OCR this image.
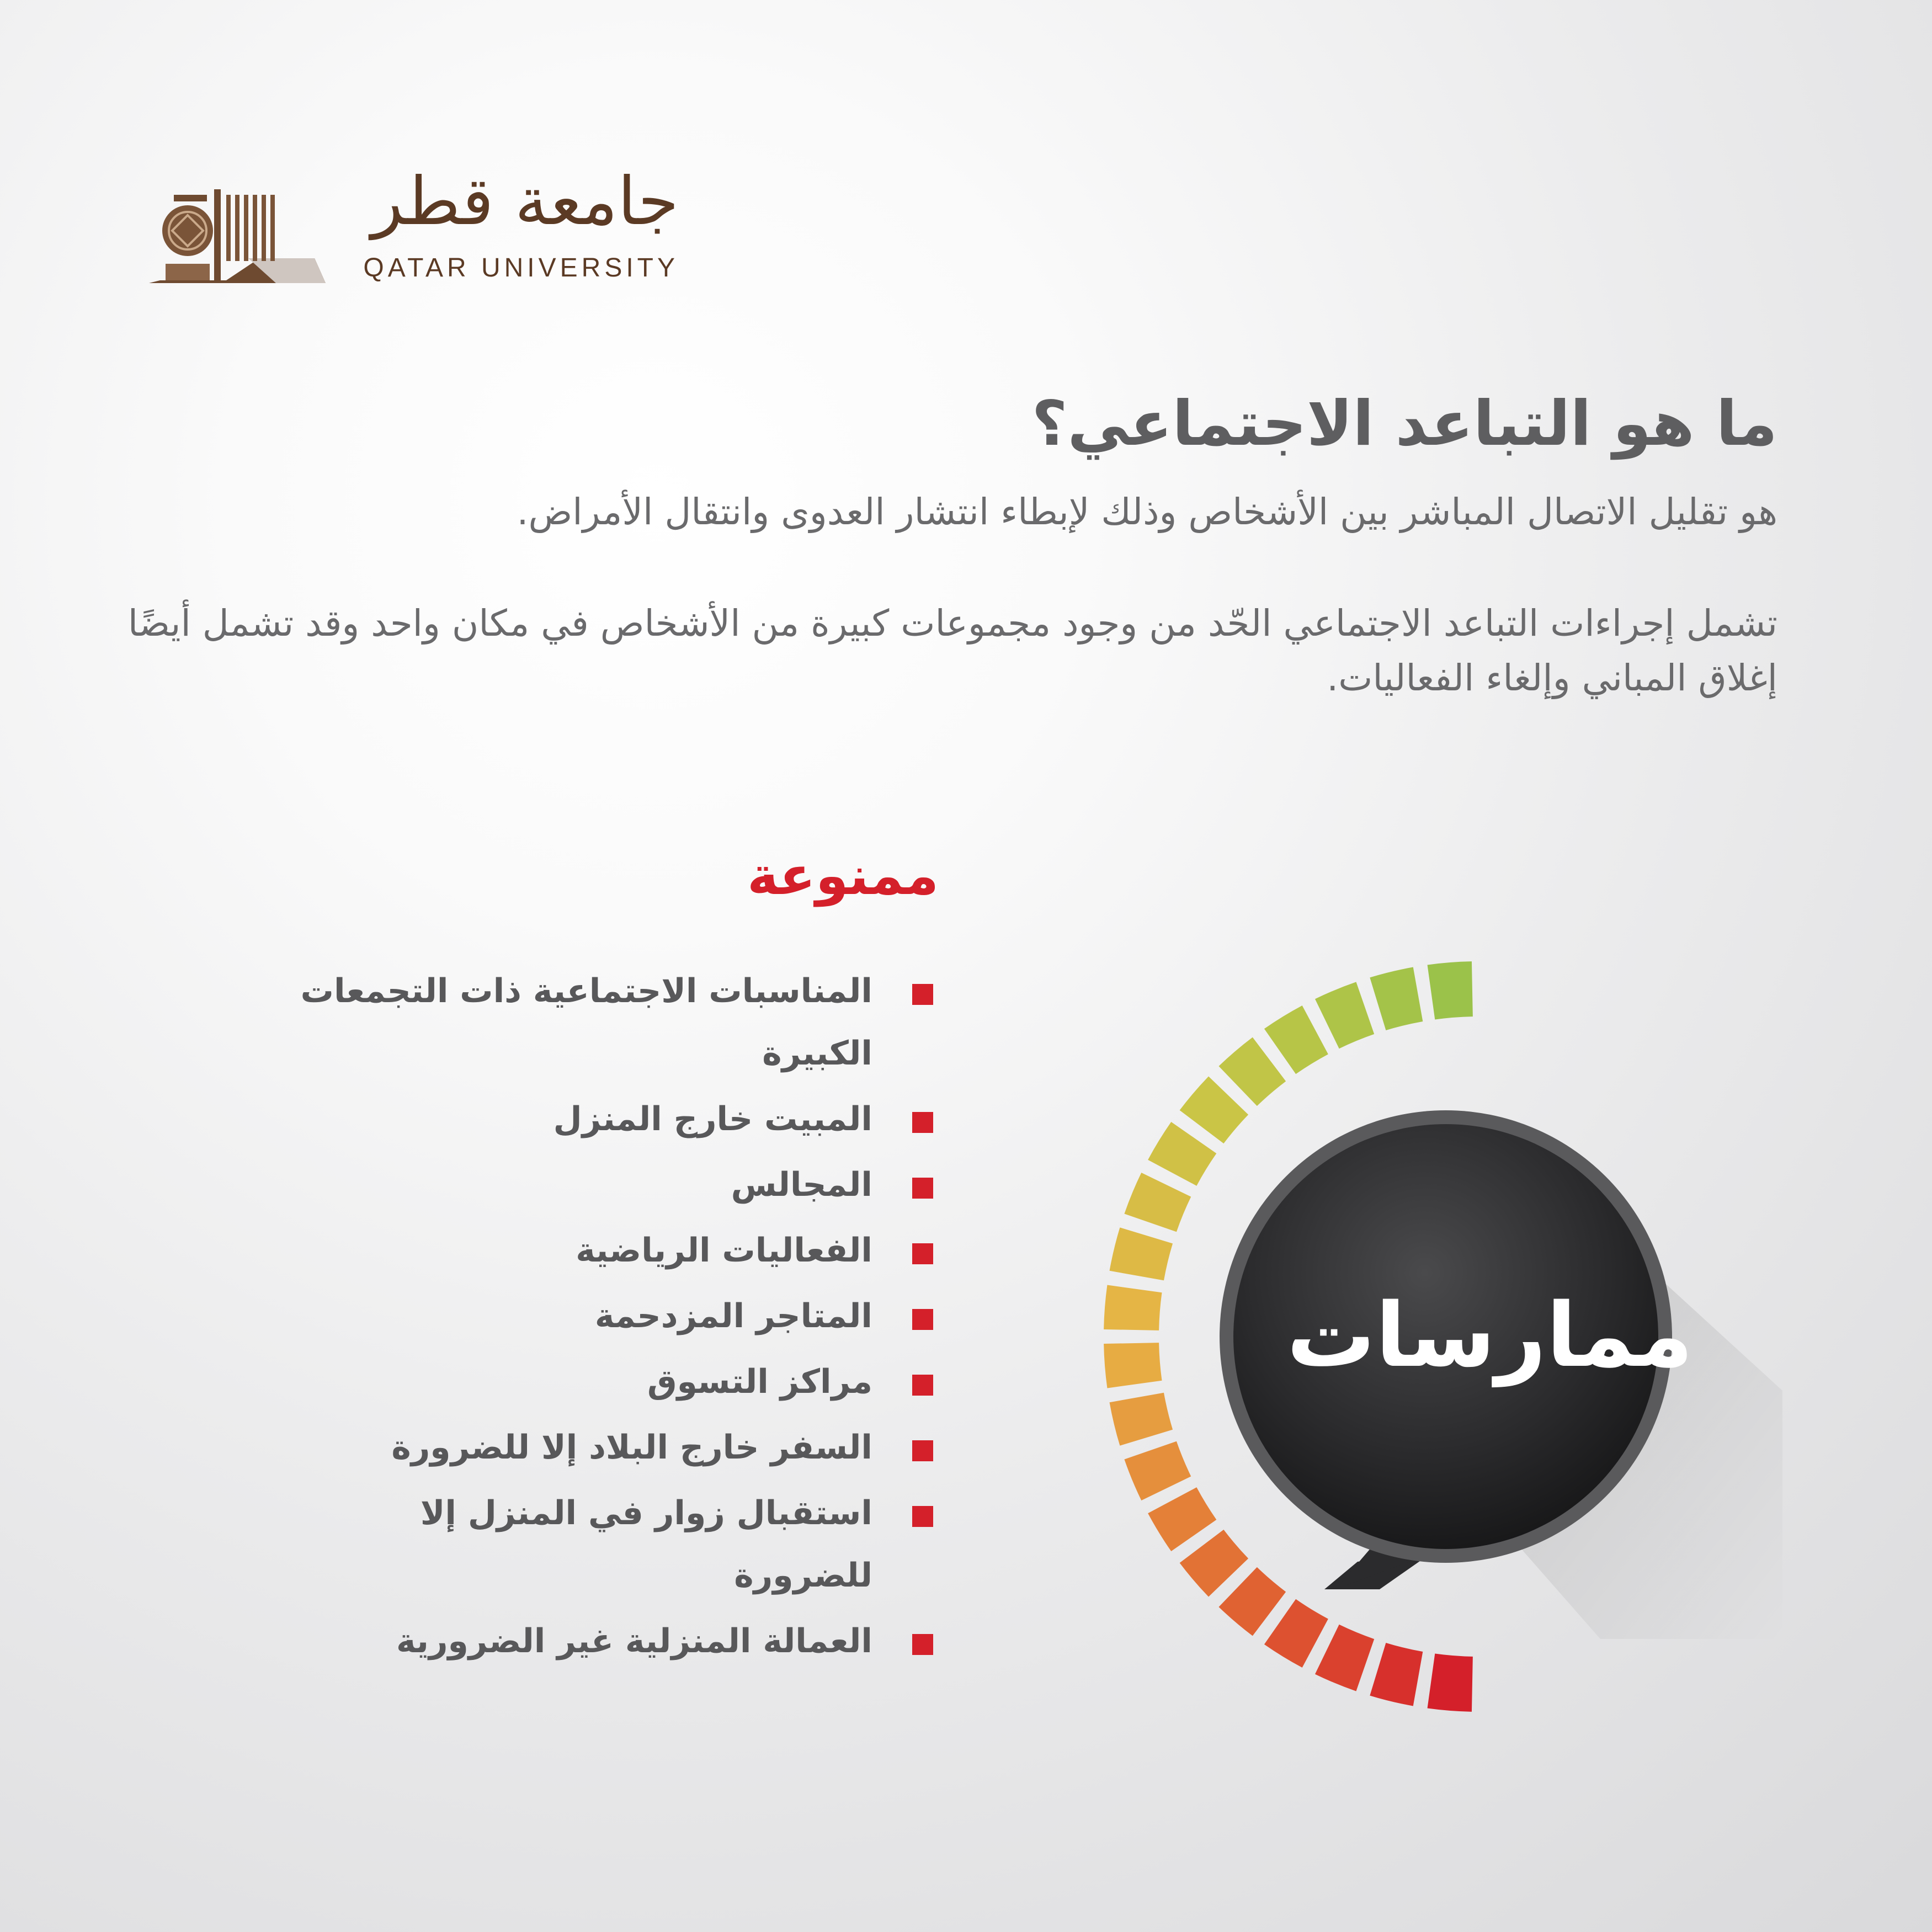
جامعة قطر
QATAR UNIVERSITY
ما هو التباعد الاجتماعي؟
هو تقليل الاتصال المباشر بين الأشخاص وذلك لإبطاء انتشار العدوى وانتقال الأمراض.
تشمل إجراءات التباعد الاجتماعي الحّد من وجود مجموعات كبيرة من الأشخاص في مكان واحد وقد تشمل أيضًا إغلاق المباني وإلغاء الفعاليات.
ممنوعة
المناسبات الاجتماعية ذات التجمعات الكبيرة
المبيت خارج المنزل
المجالس
الفعاليات الرياضية
المتاجر المزدحمة
مراكز التسوق
السفر خارج البلاد إلا للضرورة
استقبال زوار في المنزل إلا للضرورة
العمالة المنزلية غير الضرورية
ممارسات
